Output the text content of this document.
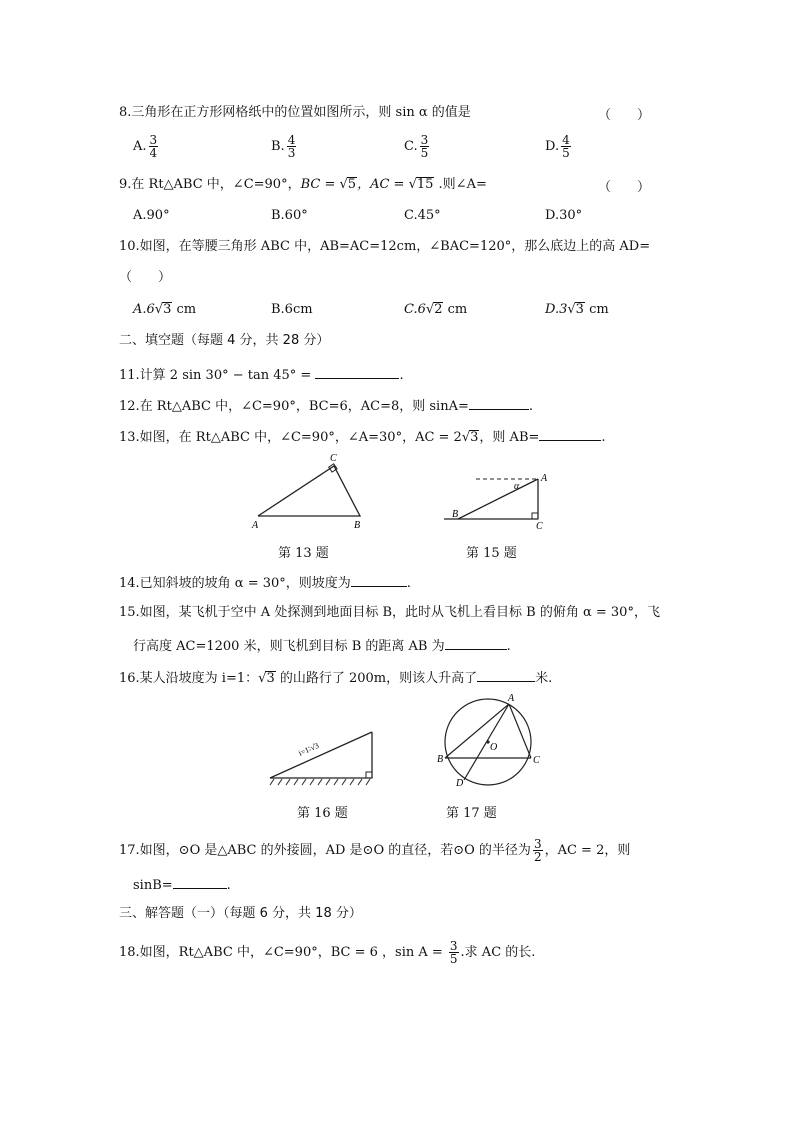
8.三角形在正方形网格纸中的位置如图所示，则 sin α 的值是	（　　）
A. $\frac{3}{4}$	B. $\frac{4}{3}$	C. $\frac{3}{5}$	D. $\frac{4}{5}$
9.在 Rt△ABC 中，∠C=90°，BC = √5，AC = √15 .则∠A=	（　　）
A.90°	B.60°	C.45°	D.30°
10.如图，在等腰三角形 ABC 中，AB=AC=12cm，∠BAC=120°，那么底边上的高 AD=
（　　）
A.6√3 cm	B.6cm	C.6√2 cm	D.3√3 cm
二、填空题（每题 4 分，共 28 分）
11.计算 2 sin 30° − tan 45° =	.
12.在 Rt△ABC 中，∠C=90°，BC=6，AC=8，则 sinA=	.
13.如图，在 Rt△ABC 中，∠C=90°，∠A=30°，AC = 2√3，则 AB=	.
A	B
C
第 13 题
α
A
B
C
第 15 题
14.已知斜坡的坡角 α = 30°，则坡度为	.
15.如图，某飞机于空中 A 处探测到地面目标 B，此时从飞机上看目标 B 的俯角 α = 30°，飞
行高度 AC=1200 米，则飞机到目标 B 的距离 AB 为	.
16.某人沿坡度为 i=1：√3 的山路行了 200m，则该人升高了	米.
i=1∶√3
第 16 题
A
B	C
D
O
第 17 题
17.如图，⊙O 是△ABC 的外接圆，AD 是⊙O 的直径，若⊙O 的半径为 $\frac{3}{2}$ ，AC = 2，则
sinB=	.
三、解答题（一）（每题 6 分，共 18 分）
18.如图，Rt△ABC 中，∠C=90°，BC = 6 ，$\sin A = \frac{3}{5}$ .求 AC 的长.
